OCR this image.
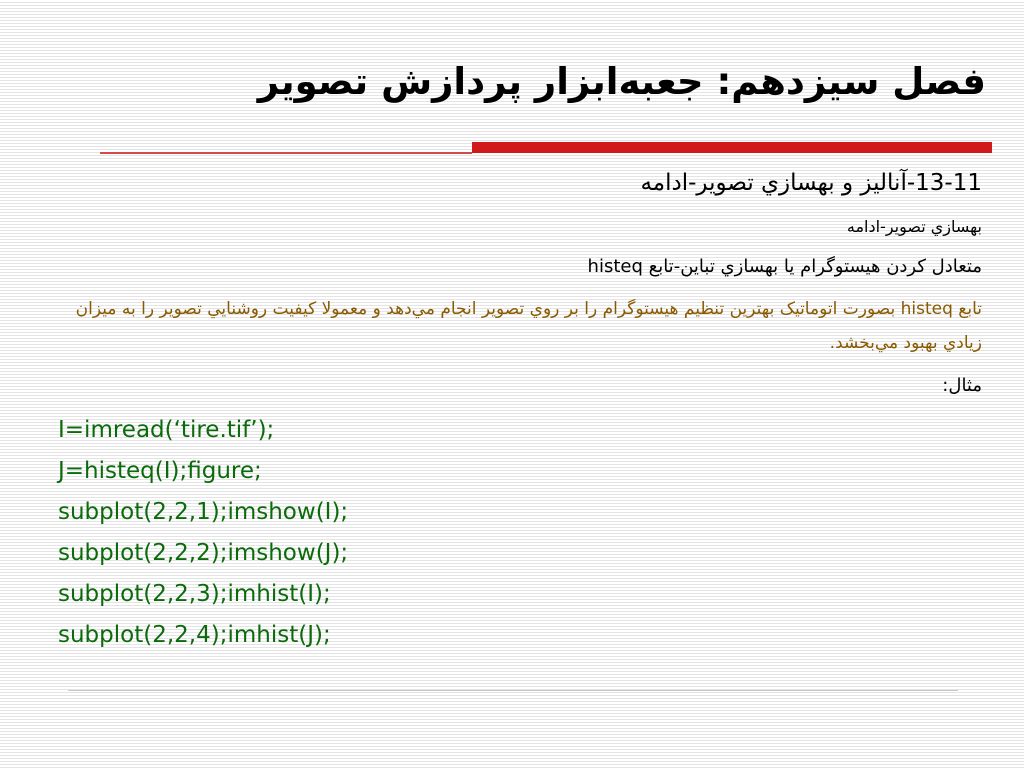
فصل سيزدهم: جعبه‌ابزار پردازش تصوير

13-11-آناليز و بهسازي تصوير-ادامه

بهسازي تصوير-ادامه

متعادل کردن هيستوگرام يا بهسازي تباين-تابع histeq

تابع histeq بصورت اتوماتيک بهترين تنظيم هيستوگرام را بر روي تصوير انجام مي‌دهد و معمولا كيفيت روشنايي تصوير را به ميزان زيادي بهبود مي‌بخشد.

مثال:

I=imread(‘tire.tif’);
J=histeq(I);figure;
subplot(2,2,1);imshow(I);
subplot(2,2,2);imshow(J);
subplot(2,2,3);imhist(I);
subplot(2,2,4);imhist(J);
